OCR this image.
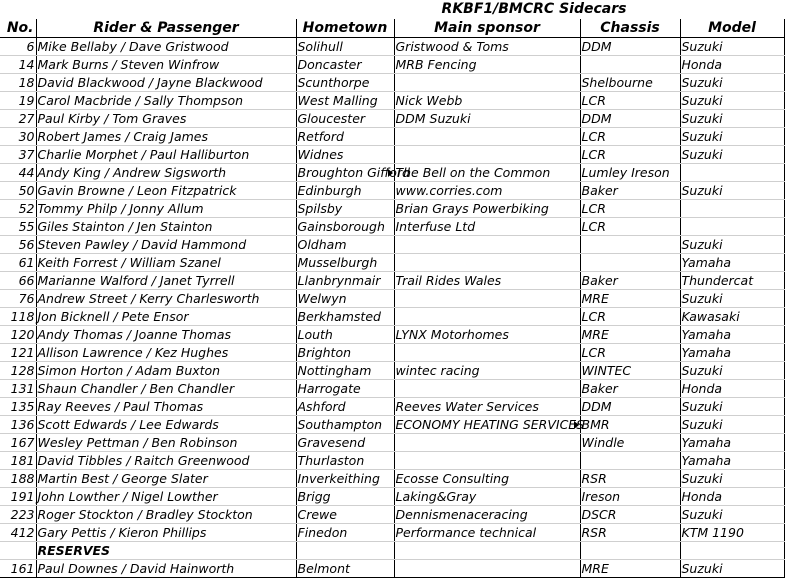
RKBF1/BMCRC Sidecars
No.	Rider & Passenger	Hometown	Main sponsor	Chassis	Model
6	Mike Bellaby / Dave Gristwood	Solihull	Gristwood & Toms	DDM	Suzuki
14	Mark Burns / Steven Winfrow	Doncaster	MRB Fencing		Honda
18	David Blackwood / Jayne Blackwood	Scunthorpe		Shelbourne	Suzuki
19	Carol Macbride / Sally Thompson	West Malling	Nick Webb	LCR	Suzuki
27	Paul Kirby / Tom Graves	Gloucester	DDM Suzuki	DDM	Suzuki
30	Robert James / Craig James	Retford		LCR	Suzuki
37	Charlie Morphet / Paul Halliburton	Widnes		LCR	Suzuki
44	Andy King / Andrew Sigsworth	Broughton Gifford	The Bell on the Common	Lumley Ireson	
50	Gavin Browne / Leon Fitzpatrick	Edinburgh	www.corries.com	Baker	Suzuki
52	Tommy Philp / Jonny Allum	Spilsby	Brian Grays Powerbiking	LCR	
55	Giles Stainton / Jen Stainton	Gainsborough	Interfuse Ltd	LCR	
56	Steven Pawley / David Hammond	Oldham			Suzuki
61	Keith Forrest / William Szanel	Musselburgh			Yamaha
66	Marianne Walford / Janet Tyrrell	Llanbrynmair	Trail Rides Wales	Baker	Thundercat
76	Andrew Street / Kerry Charlesworth	Welwyn		MRE	Suzuki
118	Jon Bicknell / Pete Ensor	Berkhamsted		LCR	Kawasaki
120	Andy Thomas / Joanne Thomas	Louth	LYNX Motorhomes	MRE	Yamaha
121	Allison Lawrence / Kez Hughes	Brighton		LCR	Yamaha
128	Simon Horton / Adam Buxton	Nottingham	wintec racing	WINTEC	Suzuki
131	Shaun Chandler / Ben Chandler	Harrogate		Baker	Honda
135	Ray Reeves / Paul Thomas	Ashford	Reeves Water Services	DDM	Suzuki
136	Scott Edwards / Lee Edwards	Southampton	ECONOMY HEATING SERVICES	BMR	Suzuki
167	Wesley Pettman / Ben Robinson	Gravesend		Windle	Yamaha
181	David Tibbles / Raitch Greenwood	Thurlaston			Yamaha
188	Martin Best / George Slater	Inverkeithing	Ecosse Consulting	RSR	Suzuki
191	John Lowther / Nigel Lowther	Brigg	Laking&Gray	Ireson	Honda
223	Roger Stockton / Bradley Stockton	Crewe	Dennismenaceracing	DSCR	Suzuki
412	Gary Pettis / Kieron Phillips	Finedon	Performance technical	RSR	KTM 1190
	RESERVES				
161	Paul Downes / David Hainworth	Belmont		MRE	Suzuki
